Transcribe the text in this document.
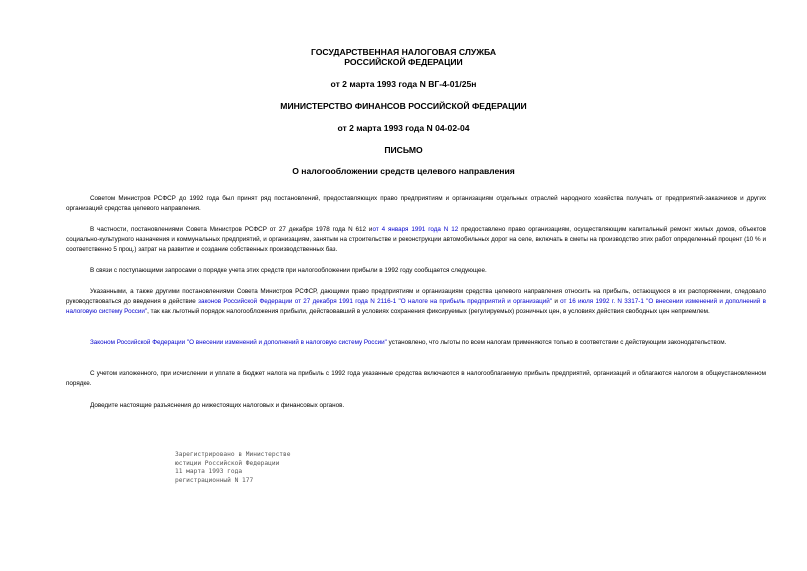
ГОСУДАРСТВЕННАЯ НАЛОГОВАЯ СЛУЖБА
РОССИЙСКОЙ ФЕДЕРАЦИИ
от 2 марта 1993 года N ВГ-4-01/25н
МИНИСТЕРСТВО ФИНАНСОВ РОССИЙСКОЙ ФЕДЕРАЦИИ
от 2 марта 1993 года N 04-02-04
ПИСЬМО
О налогообложении средств целевого направления

Советом Министров РСФСР до 1992 года был принят ряд постановлений, предоставляющих право предприятиям и организациям отдельных отраслей народного хозяйства получать от предприятий-заказчиков и других организаций средства целевого направления.

В частности, постановлениями Совета Министров РСФСР от 27 декабря 1978 года N 612 иот 4 января 1991 года N 12 предоставлено право организациям, осуществляющим капитальный ремонт жилых домов, объектов социально-культурного назначения и коммунальных предприятий, и организациям, занятым на строительстве и реконструкции автомобильных дорог на селе, включать в сметы на производство этих работ определенный процент (10 % и соответственно 5 проц.) затрат на развитие и создание собственных производственных баз.

В связи с поступающими запросами о порядке учета этих средств при налогообложении прибыли в 1992 году сообщается следующее.

Указанными, а также другими постановлениями Совета Министров РСФСР, дающими право предприятиям и организациям средства целевого направления относить на прибыль, остающуюся в их распоряжении, следовало руководствоваться до введения в действие законов Российской Федерации от 27 декабря 1991 года N 2116-1 "О налоге на прибыль предприятий и организаций" и от 16 июля 1992 г. N 3317-1 "О внесении изменений и дополнений в налоговую систему России", так как льготный порядок налогообложения прибыли, действовавший в условиях сохранения фиксируемых (регулируемых) розничных цен, в условиях действия свободных цен неприемлем.

Законом Российской Федерации "О внесении изменений и дополнений в налоговую систему России" установлено, что льготы по всем налогам применяются только в соответствии с действующим законодательством.

С учетом изложенного, при исчислении и уплате в бюджет налога на прибыль с 1992 года указанные средства включаются в налогооблагаемую прибыль предприятий, организаций и облагаются налогом в общеустановленном порядке.

Доведите настоящие разъяснения до нижестоящих налоговых и финансовых органов.

Зарегистрировано в Министерстве
юстиции Российской Федерации
11 марта 1993 года
регистрационный N 177
